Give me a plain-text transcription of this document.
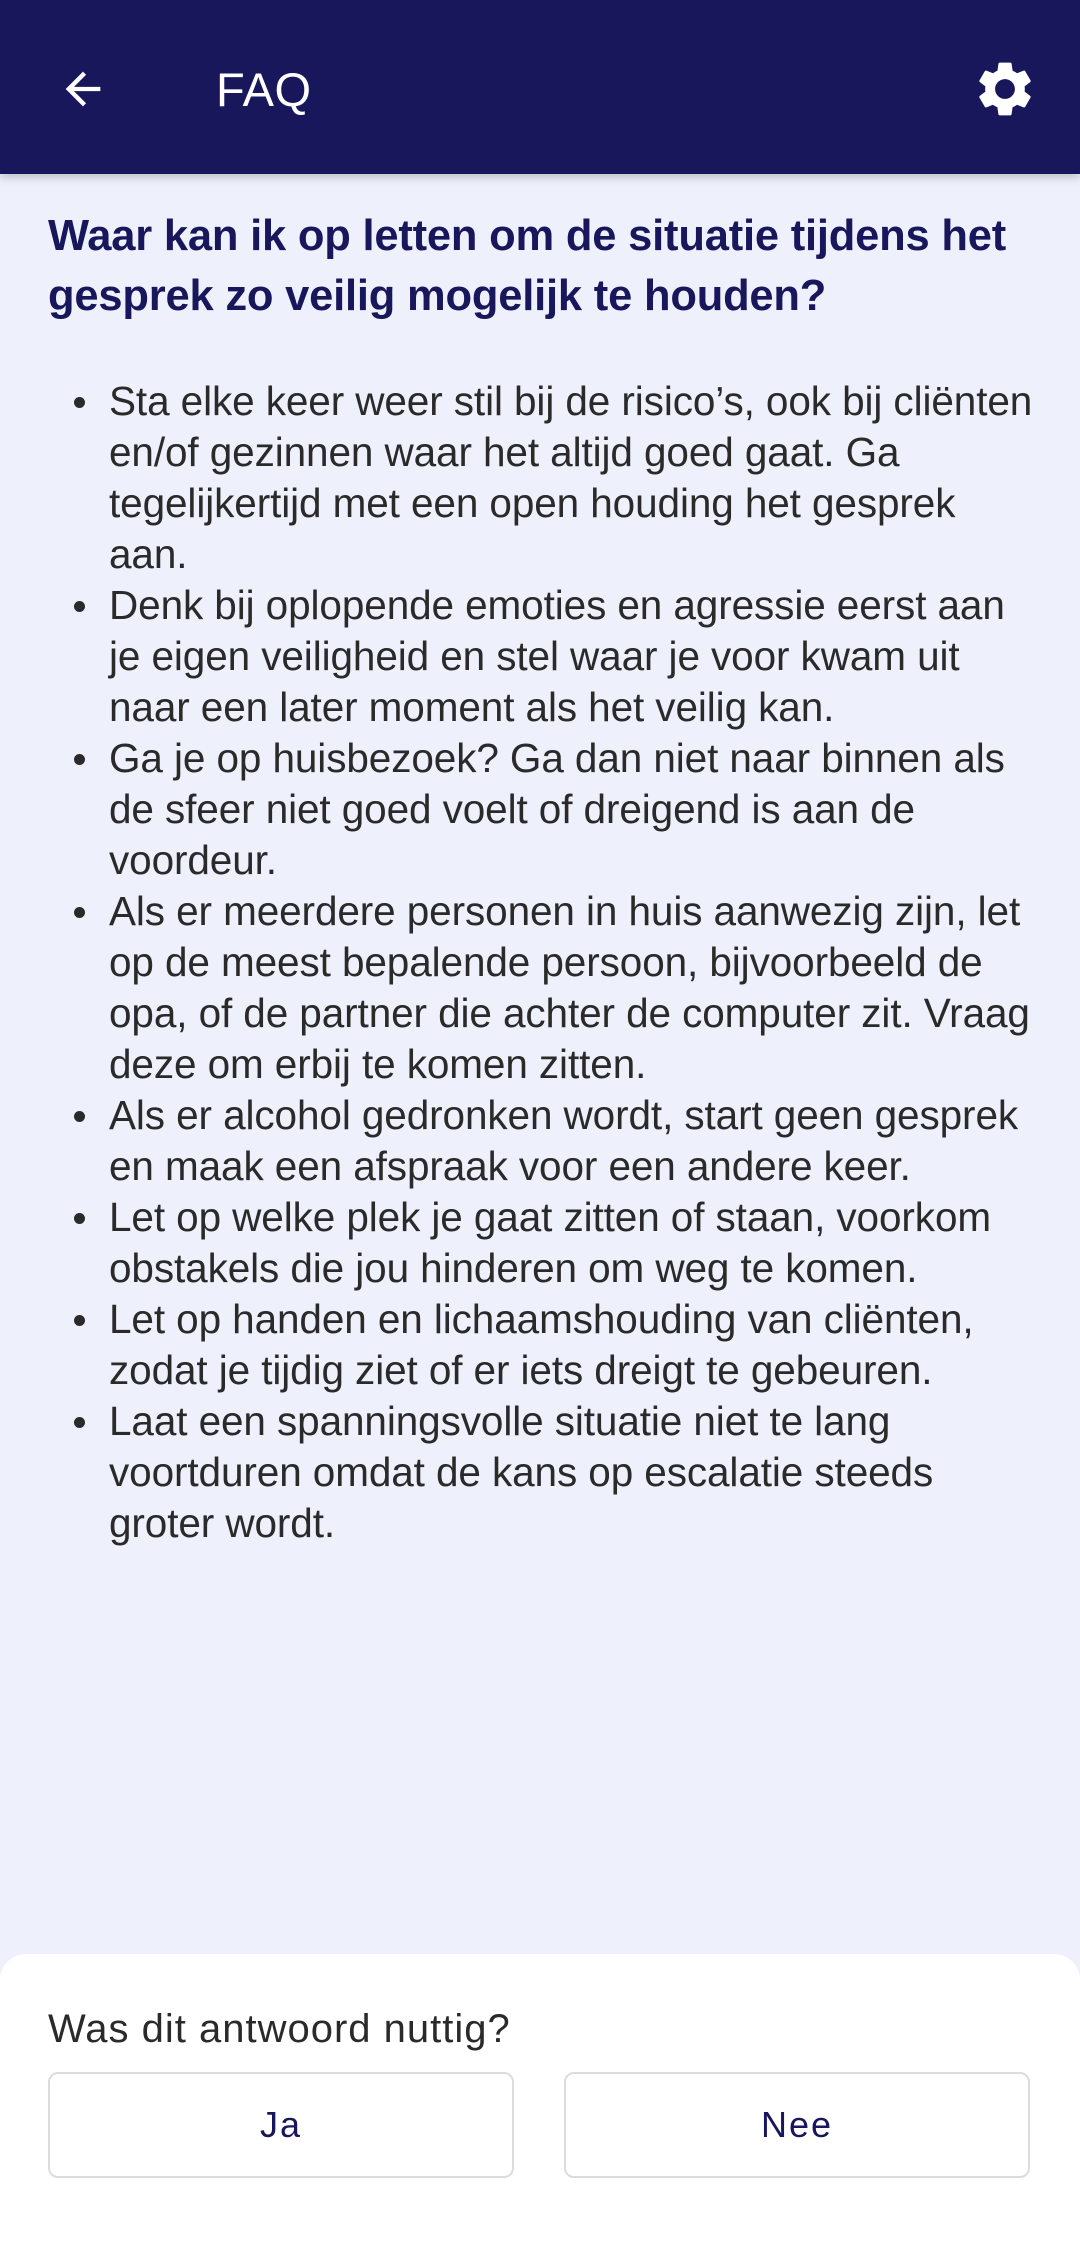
FAQ
Waar kan ik op letten om de situatie tijdens het gesprek zo veilig mogelijk te houden?
Sta elke keer weer stil bij de risico’s, ook bij cliënten en/of gezinnen waar het altijd goed gaat. Ga tegelijkertijd met een open houding het gesprek aan.
Denk bij oplopende emoties en agressie eerst aan je eigen veiligheid en stel waar je voor kwam uit naar een later moment als het veilig kan.
Ga je op huisbezoek? Ga dan niet naar binnen als de sfeer niet goed voelt of dreigend is aan de voordeur.
Als er meerdere personen in huis aanwezig zijn, let op de meest bepalende persoon, bijvoorbeeld de opa, of de partner die achter de computer zit. Vraag deze om erbij te komen zitten.
Als er alcohol gedronken wordt, start geen gesprek en maak een afspraak voor een andere keer.
Let op welke plek je gaat zitten of staan, voorkom obstakels die jou hinderen om weg te komen.
Let op handen en lichaamshouding van cliënten, zodat je tijdig ziet of er iets dreigt te gebeuren.
Laat een spanningsvolle situatie niet te lang voortduren omdat de kans op escalatie steeds groter wordt.
Was dit antwoord nuttig?
Ja	Nee
